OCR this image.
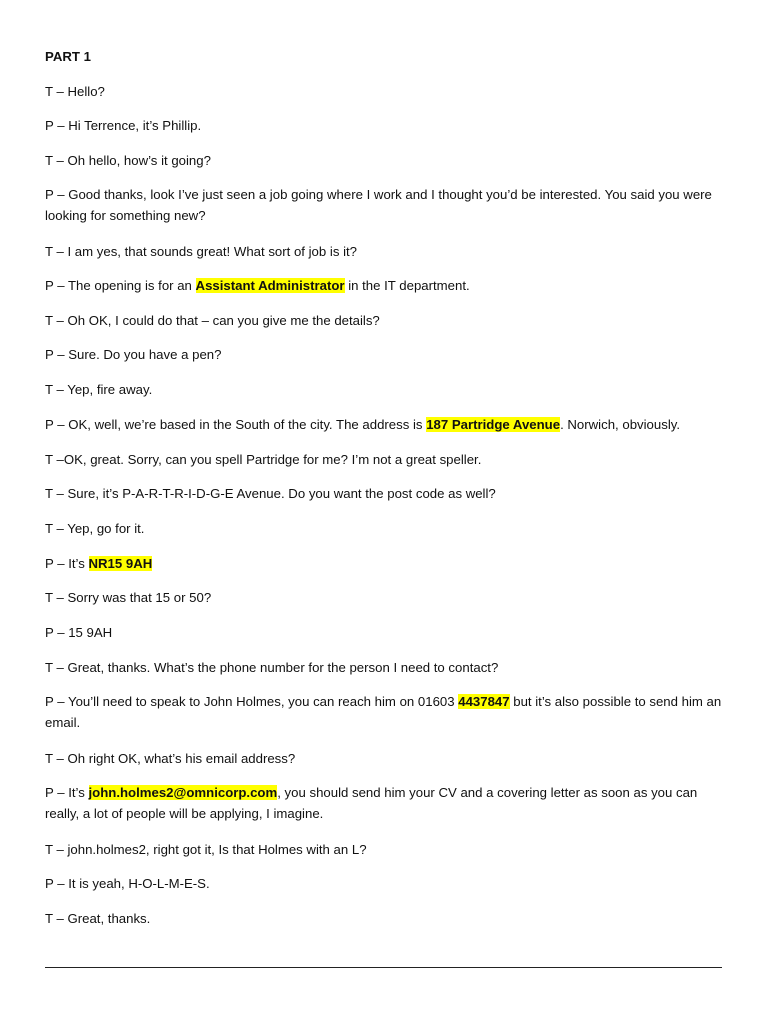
PART 1

T – Hello?

P – Hi Terrence, it’s Phillip.

T – Oh hello, how’s it going?

P – Good thanks, look I’ve just seen a job going where I work and I thought you’d be interested. You said you were looking for something new?

T – I am yes, that sounds great! What sort of job is it?

P – The opening is for an Assistant Administrator in the IT department.

T – Oh OK, I could do that – can you give me the details?

P – Sure. Do you have a pen?

T – Yep, fire away.

P – OK, well, we’re based in the South of the city. The address is 187 Partridge Avenue. Norwich, obviously.

T –OK, great. Sorry, can you spell Partridge for me? I’m not a great speller.

T – Sure, it’s P-A-R-T-R-I-D-G-E Avenue. Do you want the post code as well?

T – Yep, go for it.

P – It’s NR15 9AH

T – Sorry was that 15 or 50?

P – 15 9AH

T – Great, thanks. What’s the phone number for the person I need to contact?

P – You’ll need to speak to John Holmes, you can reach him on 01603 4437847 but it’s also possible to send him an email.

T – Oh right OK, what’s his email address?

P – It’s john.holmes2@omnicorp.com, you should send him your CV and a covering letter as soon as you can really, a lot of people will be applying, I imagine.

T – john.holmes2, right got it, Is that Holmes with an L?

P – It is yeah, H-O-L-M-E-S.

T – Great, thanks.
